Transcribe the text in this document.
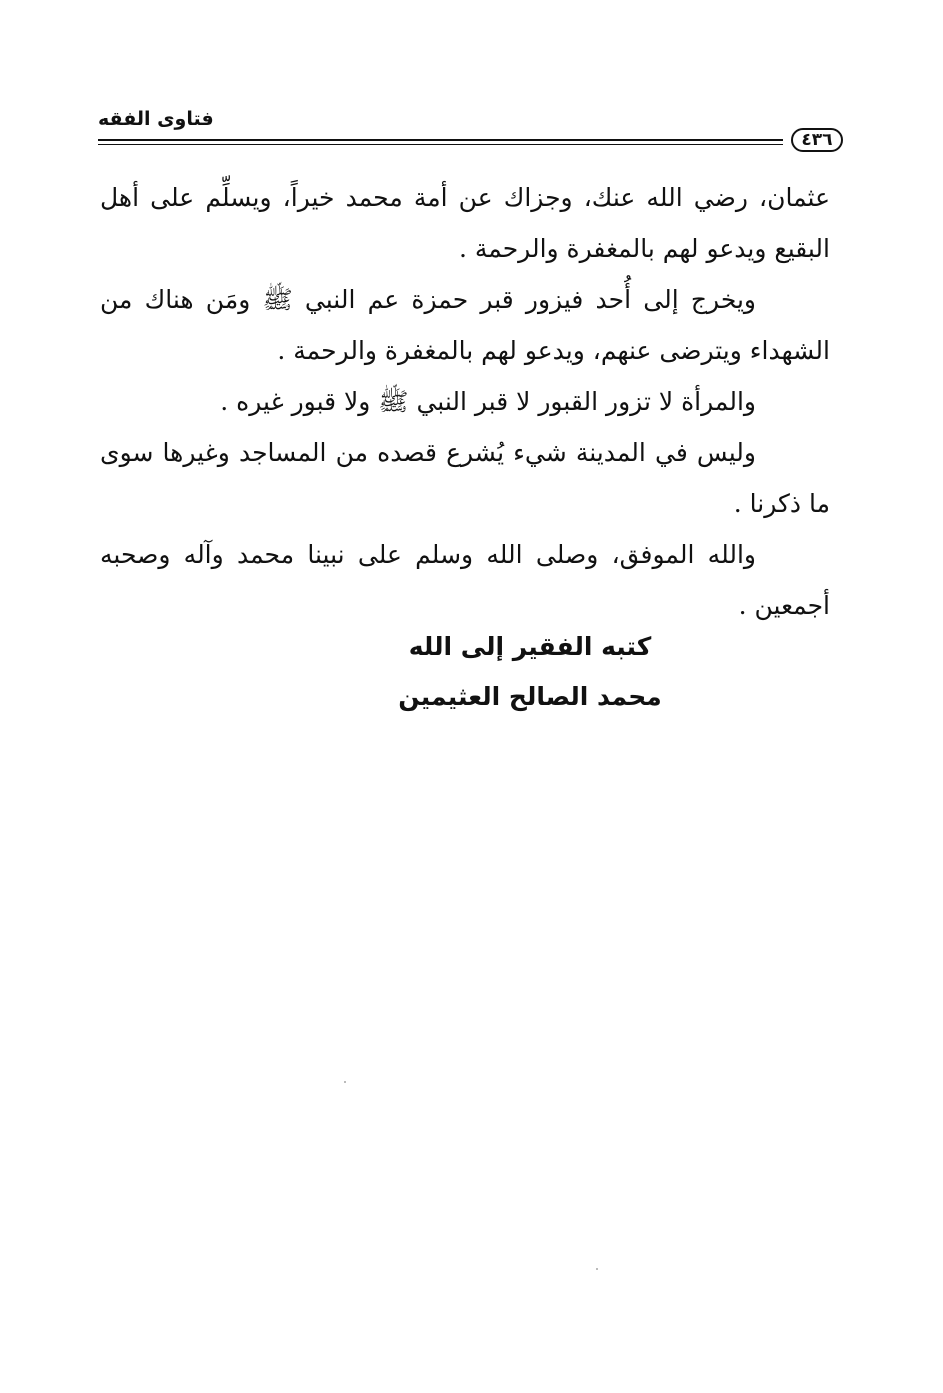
فتاوى الفقه
٤٣٦

عثمان، رضي الله عنك، وجزاك عن أمة محمد خيراً، ويسلِّم على أهل البقيع ويدعو لهم بالمغفرة والرحمة .

ويخرج إلى أُحد فيزور قبر حمزة عم النبي ﷺ ومَن هناك من الشهداء ويترضى عنهم، ويدعو لهم بالمغفرة والرحمة .

والمرأة لا تزور القبور لا قبر النبي ﷺ ولا قبور غيره .

وليس في المدينة شيء يُشرع قصده من المساجد وغيرها سوى ما ذكرنا .

والله الموفق، وصلى الله وسلم على نبينا محمد وآله وصحبه أجمعين .

كتبه الفقير إلى الله
محمد الصالح العثيمين
